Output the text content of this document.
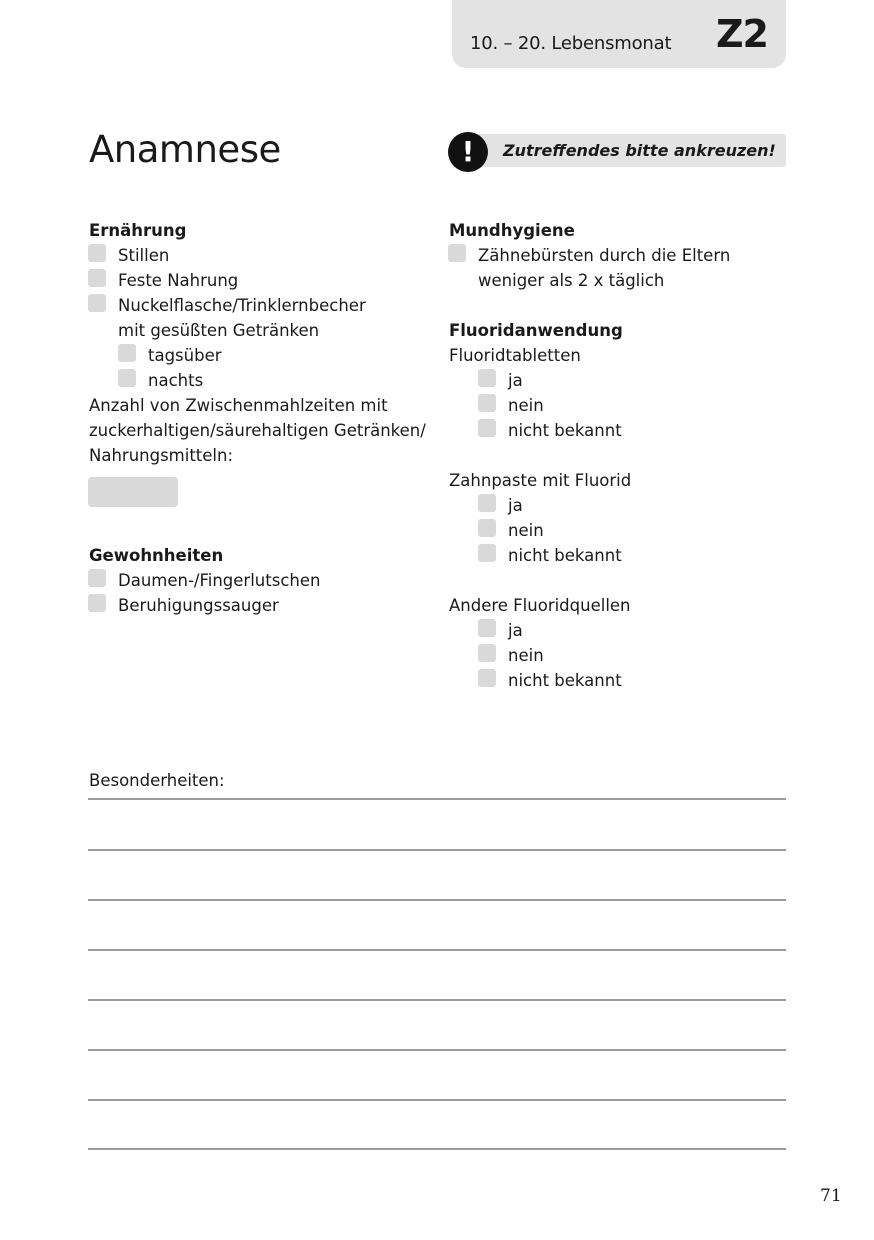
10. – 20. Lebensmonat Z2
Anamnese	!	Zutreffendes bitte ankreuzen!
Ernährung
Stillen
Feste Nahrung
Nuckelflasche/Trinklernbecher
mit gesüßten Getränken
tagsüber
nachts
Anzahl von Zwischenmahlzeiten mit
zuckerhaltigen/säurehaltigen Getränken/
Nahrungsmitteln:
Gewohnheiten
Daumen-/Fingerlutschen
Beruhigungssauger
Mundhygiene
Zähnebürsten durch die Eltern
weniger als 2 x täglich
Fluoridanwendung
Fluoridtabletten
ja
nein
nicht bekannt
Zahnpaste mit Fluorid
ja
nein
nicht bekannt
Andere Fluoridquellen
ja
nein
nicht bekannt
Besonderheiten:
71
